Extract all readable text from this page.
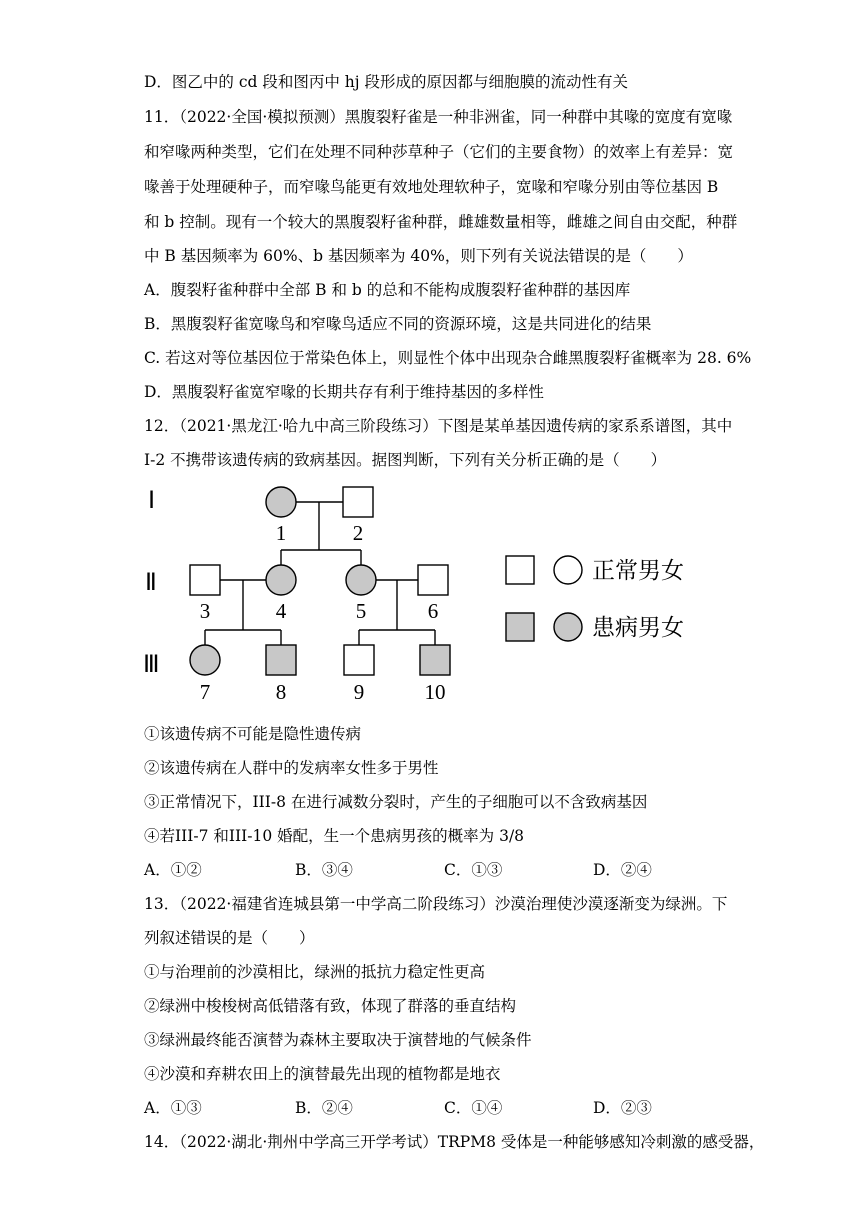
D．图乙中的 cd 段和图丙中 hj 段形成的原因都与细胞膜的流动性有关
11．（2022·全国·模拟预测）黑腹裂籽雀是一种非洲雀，同一种群中其喙的宽度有宽喙
和窄喙两种类型，它们在处理不同种莎草种子（它们的主要食物）的效率上有差异：宽
喙善于处理硬种子，而窄喙鸟能更有效地处理软种子，宽喙和窄喙分别由等位基因 B
和 b 控制。现有一个较大的黑腹裂籽雀种群，雌雄数量相等，雌雄之间自由交配，种群
中 B 基因频率为 60%、b 基因频率为 40%，则下列有关说法错误的是（　　）
A．腹裂籽雀种群中全部 B 和 b 的总和不能构成腹裂籽雀种群的基因库
B．黑腹裂籽雀宽喙鸟和窄喙鸟适应不同的资源环境，这是共同进化的结果
C. 若这对等位基因位于常染色体上，则显性个体中出现杂合雌黑腹裂籽雀概率为 28. 6%
D．黑腹裂籽雀宽窄喙的长期共存有利于维持基因的多样性
12．（2021·黑龙江·哈九中高三阶段练习）下图是某单基因遗传病的家系系谱图，其中
I-2 不携带该遗传病的致病基因。据图判断，下列有关分析正确的是（　　）
Ⅰ
Ⅱ
Ⅲ
1	2
3	4	5	6
7	8	9	10
正常男女
患病男女
①该遗传病不可能是隐性遗传病
②该遗传病在人群中的发病率女性多于男性
③正常情况下，III-8 在进行减数分裂时，产生的子细胞可以不含致病基因
④若III-7 和III-10 婚配，生一个患病男孩的概率为 3/8
A．①②	B．③④	C．①③	D．②④
13．（2022·福建省连城县第一中学高二阶段练习）沙漠治理使沙漠逐渐变为绿洲。下
列叙述错误的是（　　）
①与治理前的沙漠相比，绿洲的抵抗力稳定性更高
②绿洲中梭梭树高低错落有致，体现了群落的垂直结构
③绿洲最终能否演替为森林主要取决于演替地的气候条件
④沙漠和弃耕农田上的演替最先出现的植物都是地衣
A．①③	B．②④	C．①④	D．②③
14．（2022·湖北·荆州中学高三开学考试）TRPM8 受体是一种能够感知冷刺激的感受器，
